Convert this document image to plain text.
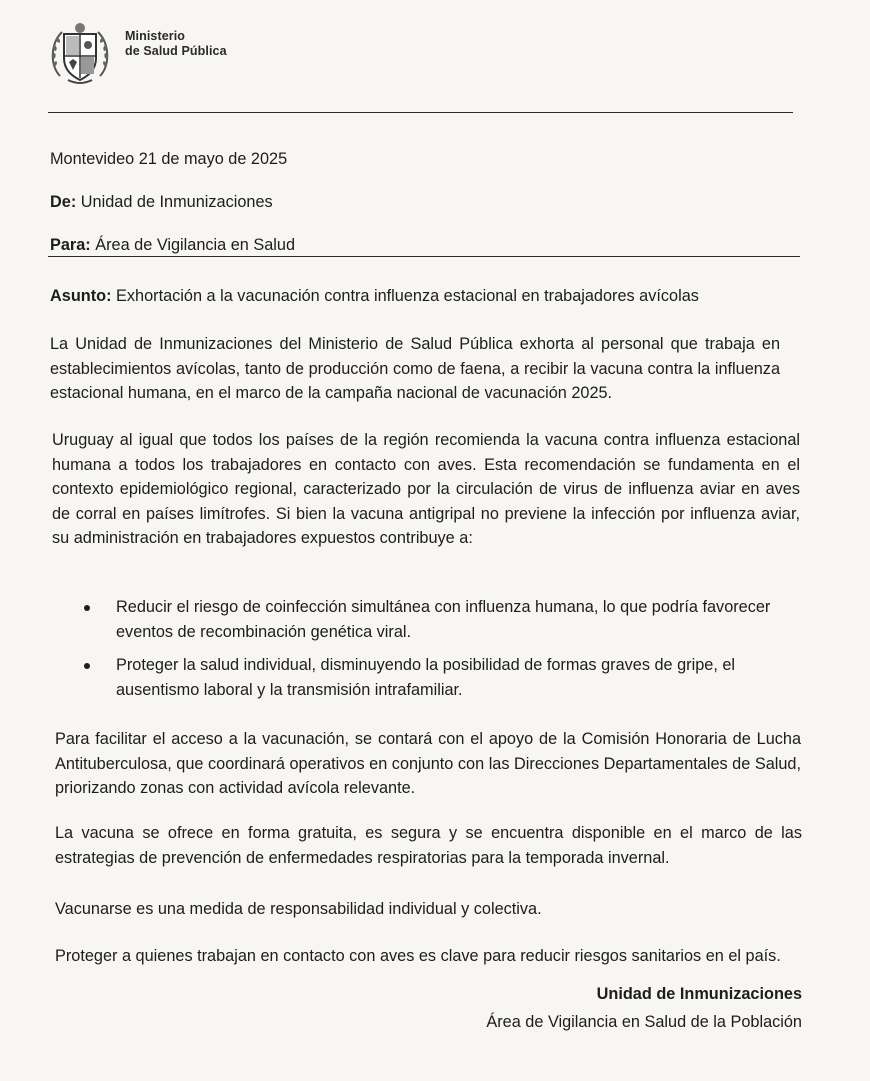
Ministerio
de Salud Pública
Montevideo 21 de mayo de 2025
De: Unidad de Inmunizaciones
Para: Área de Vigilancia en Salud
Asunto: Exhortación a la vacunación contra influenza estacional en trabajadores avícolas
La Unidad de Inmunizaciones del Ministerio de Salud Pública exhorta al personal que trabaja en establecimientos avícolas, tanto de producción como de faena, a recibir la vacuna contra la influenza estacional humana, en el marco de la campaña nacional de vacunación 2025.
Uruguay al igual que todos los países de la región recomienda la vacuna contra influenza estacional humana a todos los trabajadores en contacto con aves. Esta recomendación se fundamenta en el contexto epidemiológico regional, caracterizado por la circulación de virus de influenza aviar en aves de corral en países limítrofes. Si bien la vacuna antigripal no previene la infección por influenza aviar, su administración en trabajadores expuestos contribuye a:
Reducir el riesgo de coinfección simultánea con influenza humana, lo que podría favorecer eventos de recombinación genética viral.
Proteger la salud individual, disminuyendo la posibilidad de formas graves de gripe, el ausentismo laboral y la transmisión intrafamiliar.
Para facilitar el acceso a la vacunación, se contará con el apoyo de la Comisión Honoraria de Lucha Antituberculosa, que coordinará operativos en conjunto con las Direcciones Departamentales de Salud, priorizando zonas con actividad avícola relevante.
La vacuna se ofrece en forma gratuita, es segura y se encuentra disponible en el marco de las estrategias de prevención de enfermedades respiratorias para la temporada invernal.
Vacunarse es una medida de responsabilidad individual y colectiva.
Proteger a quienes trabajan en contacto con aves es clave para reducir riesgos sanitarios en el país.
Unidad de Inmunizaciones
Área de Vigilancia en Salud de la Población
